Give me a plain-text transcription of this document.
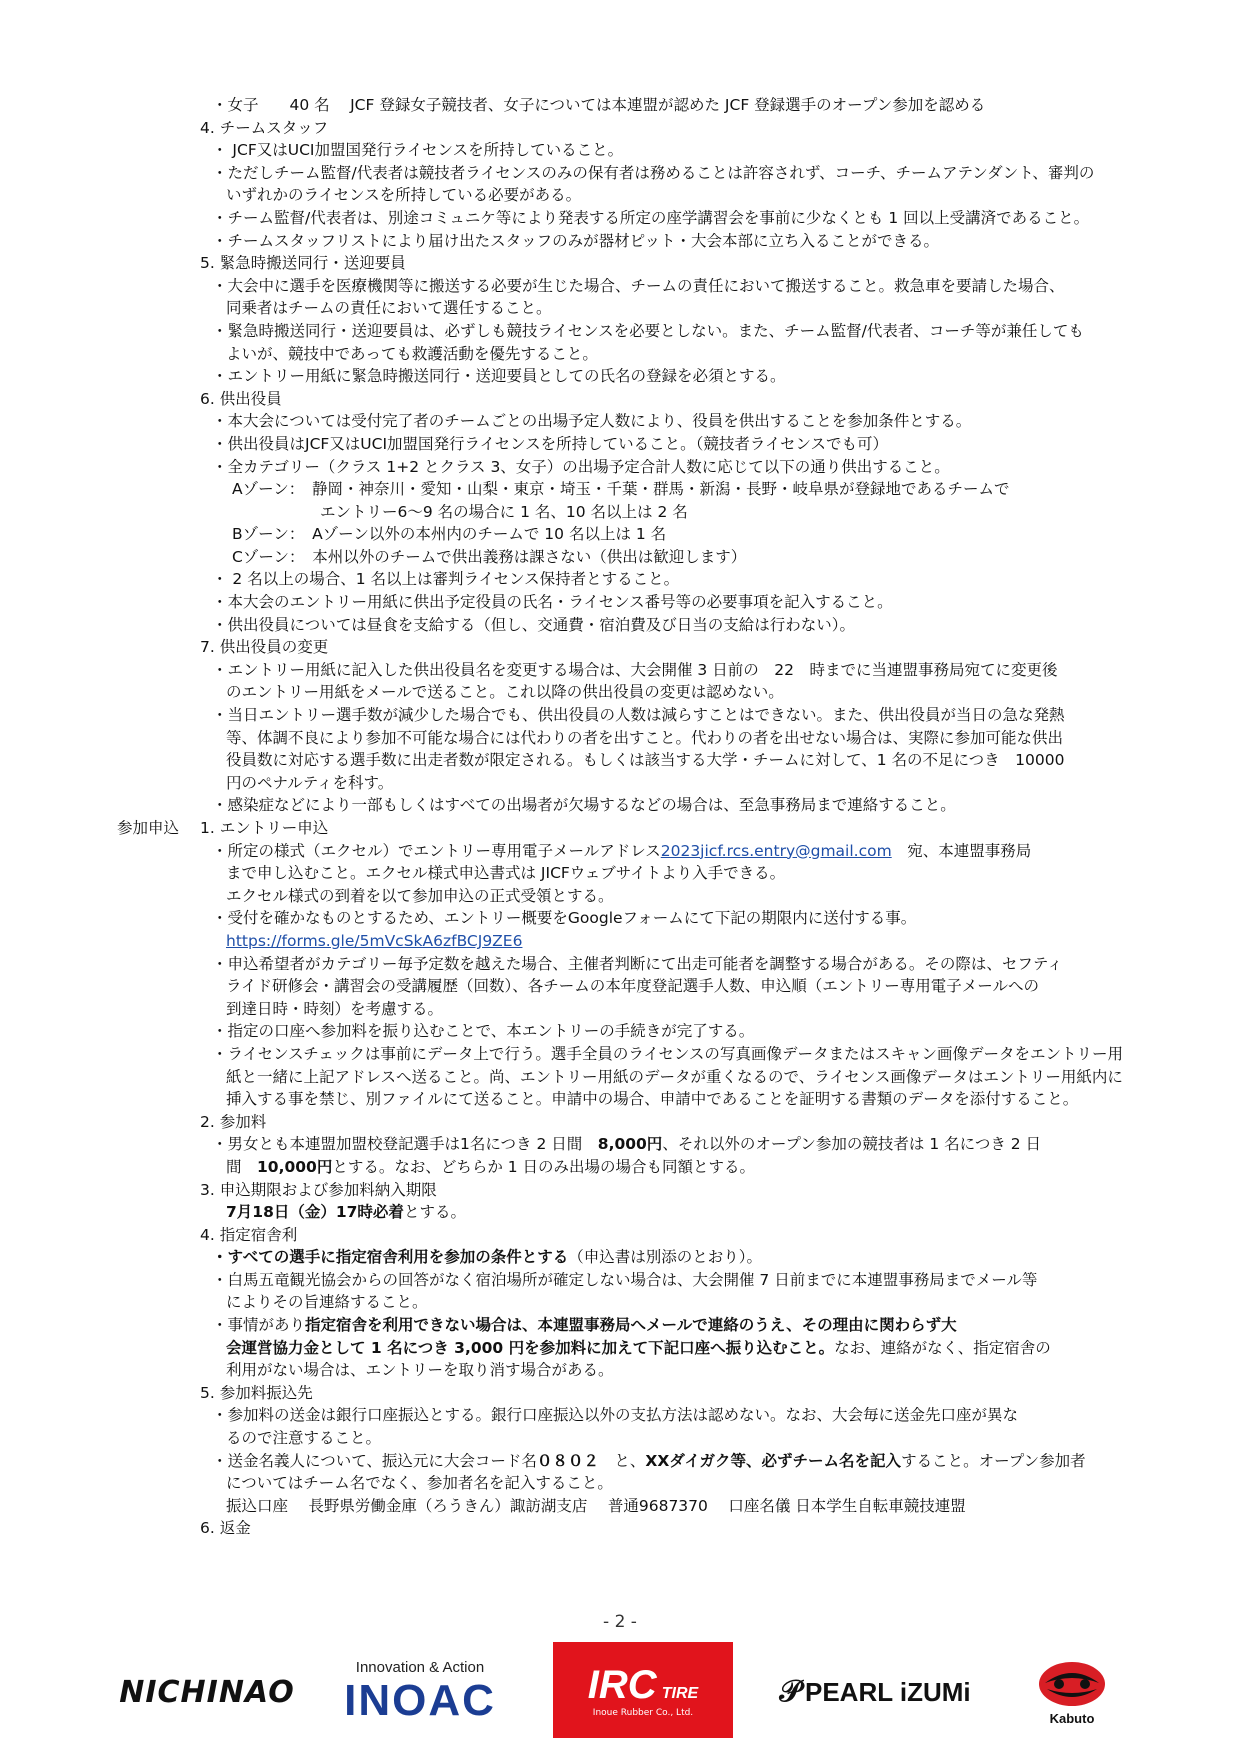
・女子　　40 名　 JCF 登録女子競技者、女子については本連盟が認めた JCF 登録選手のオープン参加を認める
4. チームスタッフ
・ JCF又はUCI加盟国発行ライセンスを所持していること。
・ただしチーム監督/代表者は競技者ライセンスのみの保有者は務めることは許容されず、コーチ、チームアテンダント、審判の
いずれかのライセンスを所持している必要がある。
・チーム監督/代表者は、別途コミュニケ等により発表する所定の座学講習会を事前に少なくとも 1 回以上受講済であること。
・チームスタッフリストにより届け出たスタッフのみが器材ピット・大会本部に立ち入ることができる。
5. 緊急時搬送同行・送迎要員
・大会中に選手を医療機関等に搬送する必要が生じた場合、チームの責任において搬送すること。救急車を要請した場合、
同乗者はチームの責任において選任すること。
・緊急時搬送同行・送迎要員は、必ずしも競技ライセンスを必要としない。また、チーム監督/代表者、コーチ等が兼任しても
よいが、競技中であっても救護活動を優先すること。
・エントリー用紙に緊急時搬送同行・送迎要員としての氏名の登録を必須とする。
6. 供出役員
・本大会については受付完了者のチームごとの出場予定人数により、役員を供出することを参加条件とする。
・供出役員はJCF又はUCI加盟国発行ライセンスを所持していること。（競技者ライセンスでも可）
・全カテゴリー（クラス 1+2 とクラス 3、女子）の出場予定合計人数に応じて以下の通り供出すること。
Aゾーン：　静岡・神奈川・愛知・山梨・東京・埼玉・千葉・群馬・新潟・長野・岐阜県が登録地であるチームで
エントリー6～9 名の場合に 1 名、10 名以上は 2 名
Bゾーン：　Aゾーン以外の本州内のチームで 10 名以上は 1 名
Cゾーン：　本州以外のチームで供出義務は課さない（供出は歓迎します）
・ 2 名以上の場合、1 名以上は審判ライセンス保持者とすること。
・本大会のエントリー用紙に供出予定役員の氏名・ライセンス番号等の必要事項を記入すること。
・供出役員については昼食を支給する（但し、交通費・宿泊費及び日当の支給は行わない）。
7. 供出役員の変更
・エントリー用紙に記入した供出役員名を変更する場合は、大会開催 3 日前の　22　時までに当連盟事務局宛てに変更後
のエントリー用紙をメールで送ること。これ以降の供出役員の変更は認めない。
・当日エントリー選手数が減少した場合でも、供出役員の人数は減らすことはできない。また、供出役員が当日の急な発熱
等、体調不良により参加不可能な場合には代わりの者を出すこと。代わりの者を出せない場合は、実際に参加可能な供出
役員数に対応する選手数に出走者数が限定される。もしくは該当する大学・チームに対して、1 名の不足につき　10000
円のペナルティを科す。
・感染症などにより一部もしくはすべての出場者が欠場するなどの場合は、至急事務局まで連絡すること。
参加申込 1. エントリー申込
・所定の様式（エクセル）でエントリー専用電子メールアドレス2023jicf.rcs.entry@gmail.com　宛、本連盟事務局
まで申し込むこと。エクセル様式申込書式は JICFウェブサイトより入手できる。
エクセル様式の到着を以て参加申込の正式受領とする。
・受付を確かなものとするため、エントリー概要をGoogleフォームにて下記の期限内に送付する事。
https://forms.gle/5mVcSkA6zfBCJ9ZE6
・申込希望者がカテゴリー毎予定数を越えた場合、主催者判断にて出走可能者を調整する場合がある。その際は、セフティ
ライド研修会・講習会の受講履歴（回数）、各チームの本年度登記選手人数、申込順（エントリー専用電子メールへの
到達日時・時刻）を考慮する。
・指定の口座へ参加料を振り込むことで、本エントリーの手続きが完了する。
・ライセンスチェックは事前にデータ上で行う。選手全員のライセンスの写真画像データまたはスキャン画像データをエントリー用
紙と一緒に上記アドレスへ送ること。尚、エントリー用紙のデータが重くなるので、ライセンス画像データはエントリー用紙内に
挿入する事を禁じ、別ファイルにて送ること。申請中の場合、申請中であることを証明する書類のデータを添付すること。
2. 参加料
・男女とも本連盟加盟校登記選手は1名につき 2 日間　8,000円、それ以外のオープン参加の競技者は 1 名につき 2 日
間　10,000円とする。なお、どちらか 1 日のみ出場の場合も同額とする。
3. 申込期限および参加料納入期限
7月18日（金）17時必着とする。
4. 指定宿舎利
・すべての選手に指定宿舎利用を参加の条件とする（申込書は別添のとおり）。
・白馬五竜観光協会からの回答がなく宿泊場所が確定しない場合は、大会開催 7 日前までに本連盟事務局までメール等
によりその旨連絡すること。
・事情があり指定宿舎を利用できない場合は、本連盟事務局へメールで連絡のうえ、その理由に関わらず大
会運営協力金として 1 名につき 3,000 円を参加料に加えて下記口座へ振り込むこと。なお、連絡がなく、指定宿舎の
利用がない場合は、エントリーを取り消す場合がある。
5. 参加料振込先
・参加料の送金は銀行口座振込とする。銀行口座振込以外の支払方法は認めない。なお、大会毎に送金先口座が異な
るので注意すること。
・送金名義人について、振込元に大会コード名０８０２　と、XXダイガク等、必ずチーム名を記入すること。オープン参加者
についてはチーム名でなく、参加者名を記入すること。
振込口座　 長野県労働金庫（ろうきん）諏訪湖支店　 普通9687370　 口座名儀 日本学生自転車競技連盟
6. 返金
- 2 -
NICHINAO
Innovation & Action
INOAC IRC TIRE
Inoue Rubber Co., Ltd.
𝒫 PEARL iZUMi
Kabuto
